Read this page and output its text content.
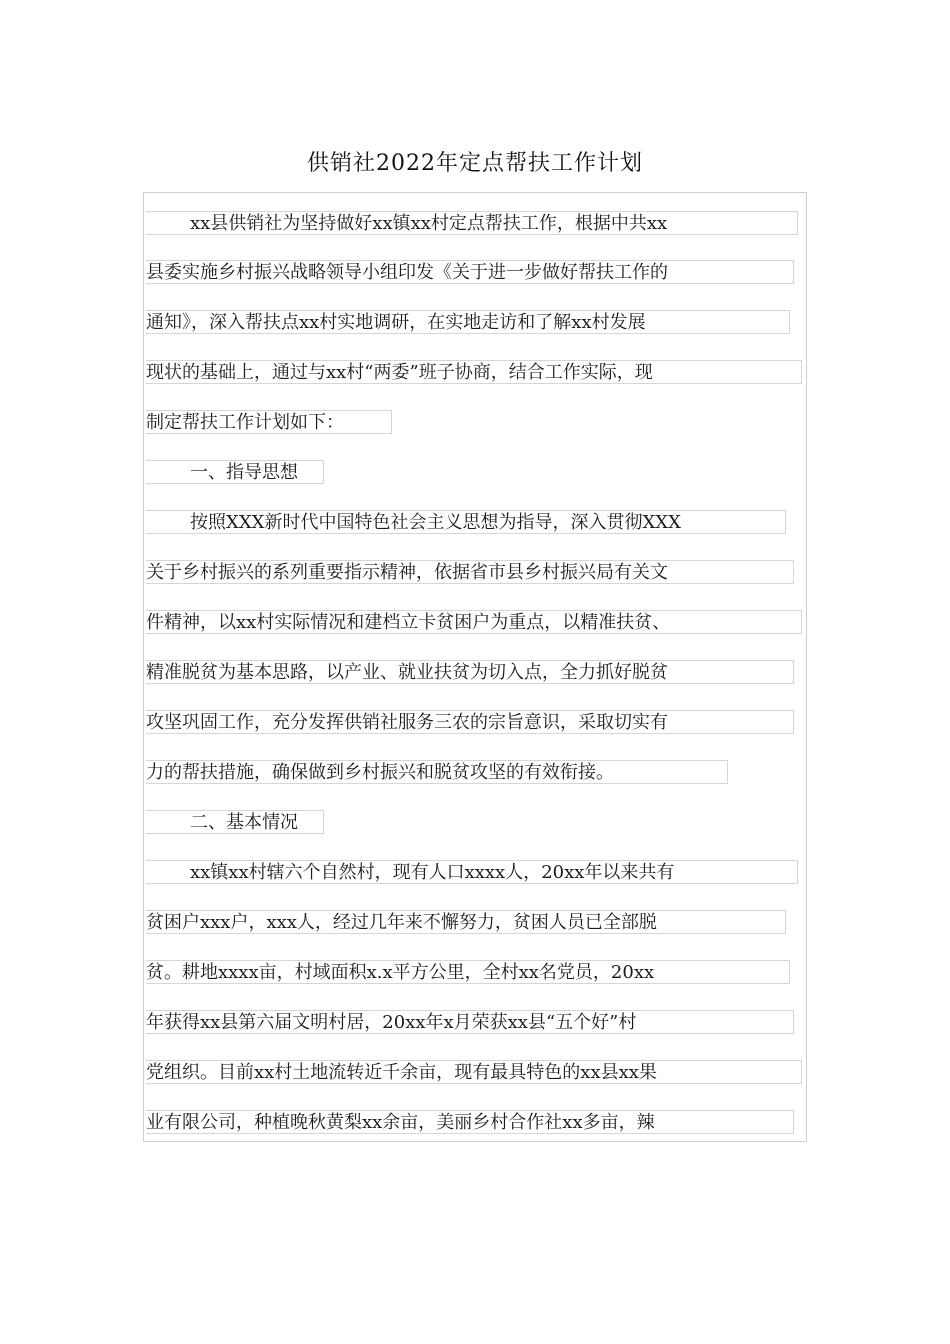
供销社2022年定点帮扶工作计划
xx县供销社为坚持做好xx镇xx村定点帮扶工作，根据中共xx
县委实施乡村振兴战略领导小组印发《关于进一步做好帮扶工作的
通知》，深入帮扶点xx村实地调研，在实地走访和了解xx村发展
现状的基础上，通过与xx村“两委”班子协商，结合工作实际，现
制定帮扶工作计划如下：
一、指导思想
按照XXX新时代中国特色社会主义思想为指导，深入贯彻XXX
关于乡村振兴的系列重要指示精神，依据省市县乡村振兴局有关文
件精神，以xx村实际情况和建档立卡贫困户为重点，以精准扶贫、
精准脱贫为基本思路，以产业、就业扶贫为切入点，全力抓好脱贫
攻坚巩固工作，充分发挥供销社服务三农的宗旨意识，采取切实有
力的帮扶措施，确保做到乡村振兴和脱贫攻坚的有效衔接。
二、基本情况
xx镇xx村辖六个自然村，现有人口xxxx人，20xx年以来共有
贫困户xxx户，xxx人，经过几年来不懈努力，贫困人员已全部脱
贫。耕地xxxx亩，村域面积x.x平方公里，全村xx名党员，20xx
年获得xx县第六届文明村居，20xx年x月荣获xx县“五个好”村
党组织。目前xx村土地流转近千余亩，现有最具特色的xx县xx果
业有限公司，种植晚秋黄梨xx余亩，美丽乡村合作社xx多亩，辣
